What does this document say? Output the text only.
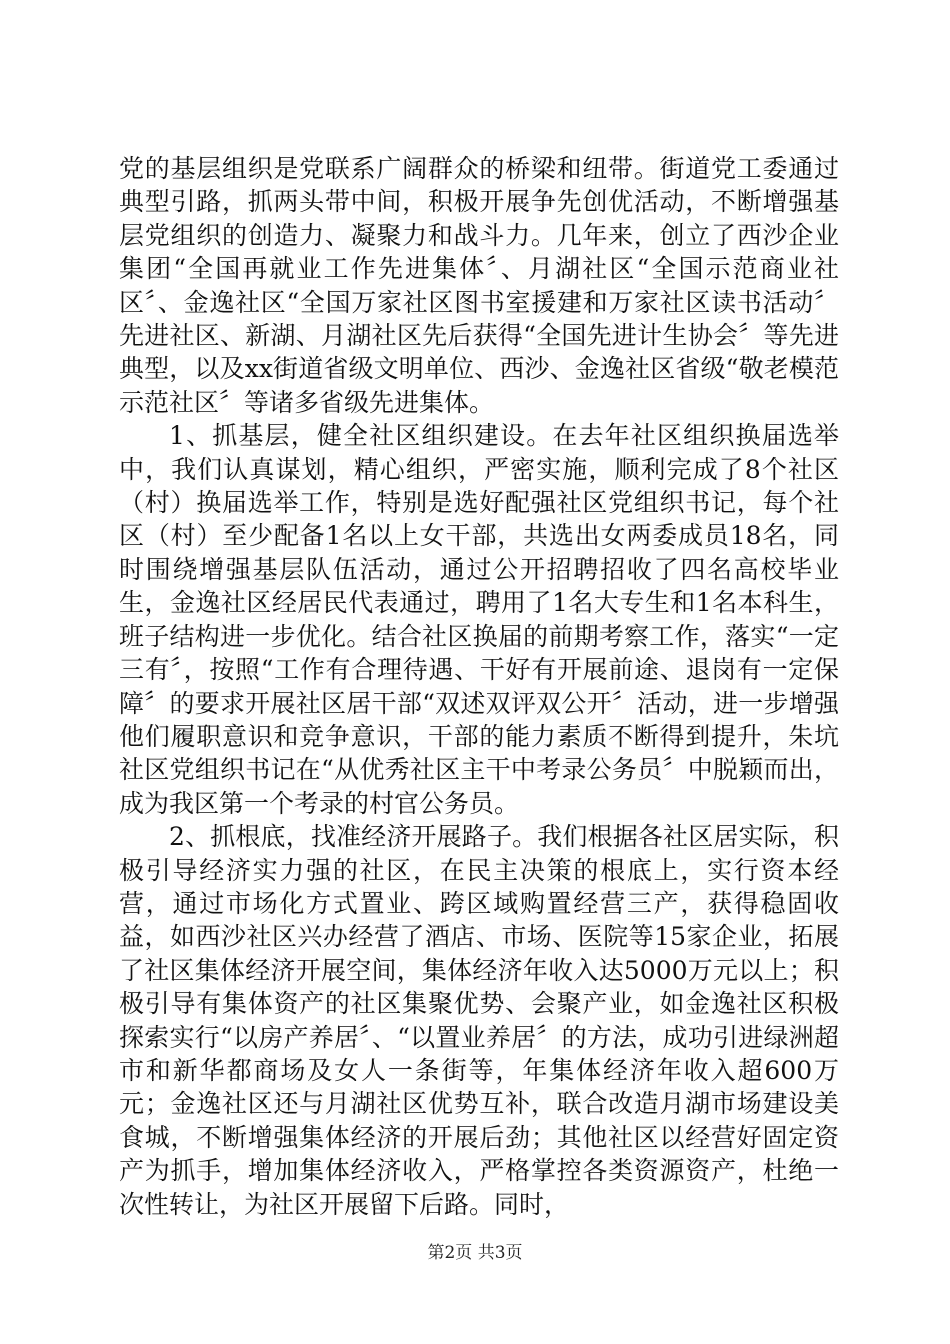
党的基层组织是党联系广阔群众的桥梁和纽带。街道党工委通过典型引路，抓两头带中间，积极开展争先创优活动，不断增强基层党组织的创造力、凝聚力和战斗力。几年来，创立了西沙企业集团“全国再就业工作先进集体〞、月湖社区“全国示范商业社区〞、金逸社区“全国万家社区图书室援建和万家社区读书活动〞先进社区、新湖、月湖社区先后获得“全国先进计生协会〞等先进典型，以及xx街道省级文明单位、西沙、金逸社区省级“敬老模范示范社区〞等诸多省级先进集体。

1、抓基层，健全社区组织建设。在去年社区组织换届选举中，我们认真谋划，精心组织，严密实施，顺利完成了8个社区（村）换届选举工作，特别是选好配强社区党组织书记，每个社区（村）至少配备1名以上女干部，共选出女两委成员18名，同时围绕增强基层队伍活动，通过公开招聘招收了四名高校毕业生，金逸社区经居民代表通过，聘用了1名大专生和1名本科生，班子结构进一步优化。结合社区换届的前期考察工作，落实“一定三有〞，按照“工作有合理待遇、干好有开展前途、退岗有一定保障〞的要求开展社区居干部“双述双评双公开〞活动，进一步增强他们履职意识和竞争意识，干部的能力素质不断得到提升，朱坑社区党组织书记在“从优秀社区主干中考录公务员〞中脱颖而出，成为我区第一个考录的村官公务员。

2、抓根底，找准经济开展路子。我们根据各社区居实际，积极引导经济实力强的社区，在民主决策的根底上，实行资本经营，通过市场化方式置业、跨区域购置经营三产，获得稳固收益，如西沙社区兴办经营了酒店、市场、医院等15家企业，拓展了社区集体经济开展空间，集体经济年收入达5000万元以上；积极引导有集体资产的社区集聚优势、会聚产业，如金逸社区积极探索实行“以房产养居〞、“以置业养居〞的方法，成功引进绿洲超市和新华都商场及女人一条街等，年集体经济年收入超600万元；金逸社区还与月湖社区优势互补，联合改造月湖市场建设美食城，不断增强集体经济的开展后劲；其他社区以经营好固定资产为抓手，增加集体经济收入，严格掌控各类资源资产，杜绝一次性转让，为社区开展留下后路。同时，

第2页 共3页
